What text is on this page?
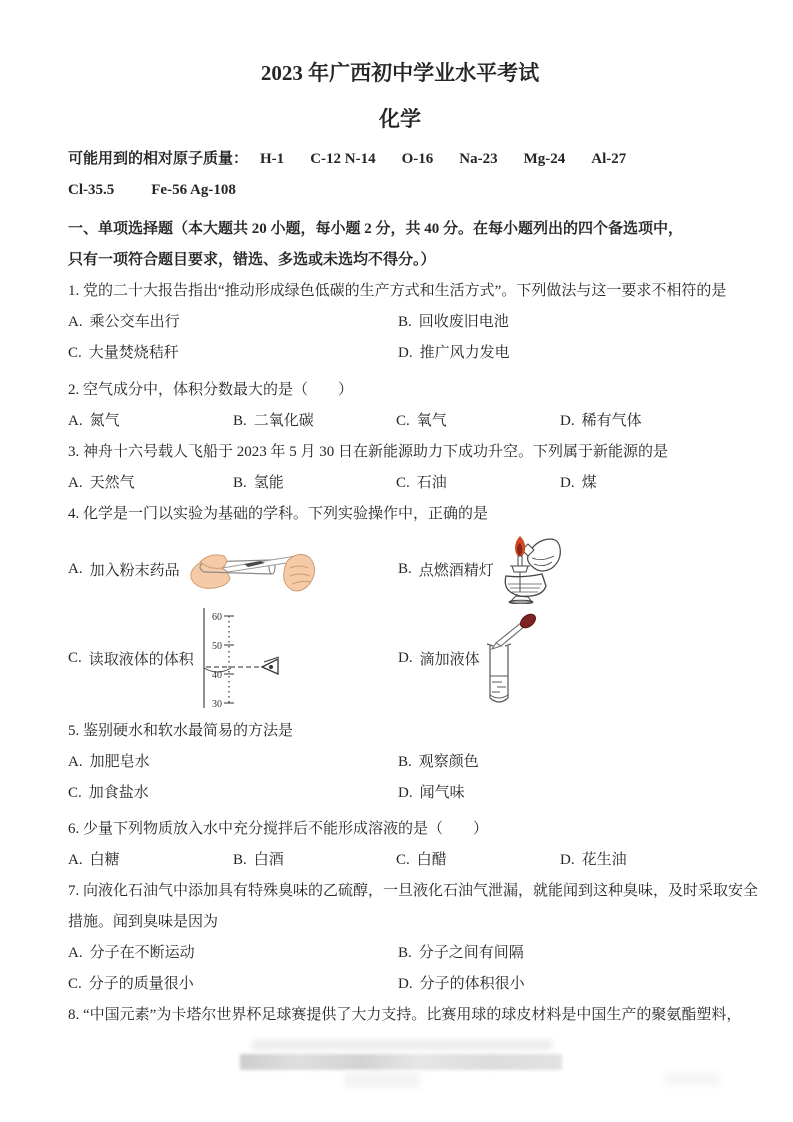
2023 年广西初中学业水平考试
化学
可能用到的相对原子质量： H-1 C-12 N-14 O-16 Na-23 Mg-24 Al-27
Cl-35.5 Fe-56 Ag-108
一、单项选择题（本大题共 20 小题，每小题 2 分，共 40 分。在每小题列出的四个备选项中，
只有一项符合题目要求，错选、多选或未选均不得分。）
1. 党的二十大报告指出“推动形成绿色低碳的生产方式和生活方式”。下列做法与这一要求不相符的是
A. 乘公交车出行	B. 回收废旧电池
C. 大量焚烧秸秆	D. 推广风力发电
2. 空气成分中，体积分数最大的是（　　）
A. 氮气	B. 二氧化碳	C. 氧气	D. 稀有气体
3. 神舟十六号载人飞船于 2023 年 5 月 30 日在新能源助力下成功升空。下列属于新能源的是
A. 天然气	B. 氢能	C. 石油	D. 煤
4. 化学是一门以实验为基础的学科。下列实验操作中，正确的是
A. 加入粉末药品	B. 点燃酒精灯
C. 读取液体的体积
60
50
40
30
D. 滴加液体
5. 鉴别硬水和软水最简易的方法是
A. 加肥皂水	B. 观察颜色
C. 加食盐水	D. 闻气味
6. 少量下列物质放入水中充分搅拌后不能形成溶液的是（　　）
A. 白糖	B. 白酒	C. 白醋	D. 花生油
7. 向液化石油气中添加具有特殊臭味的乙硫醇，一旦液化石油气泄漏，就能闻到这种臭味，及时采取安全
措施。闻到臭味是因为
A. 分子在不断运动	B. 分子之间有间隔
C. 分子的质量很小	D. 分子的体积很小
8. “中国元素”为卡塔尔世界杯足球赛提供了大力支持。比赛用球的球皮材料是中国生产的聚氨酯塑料，
